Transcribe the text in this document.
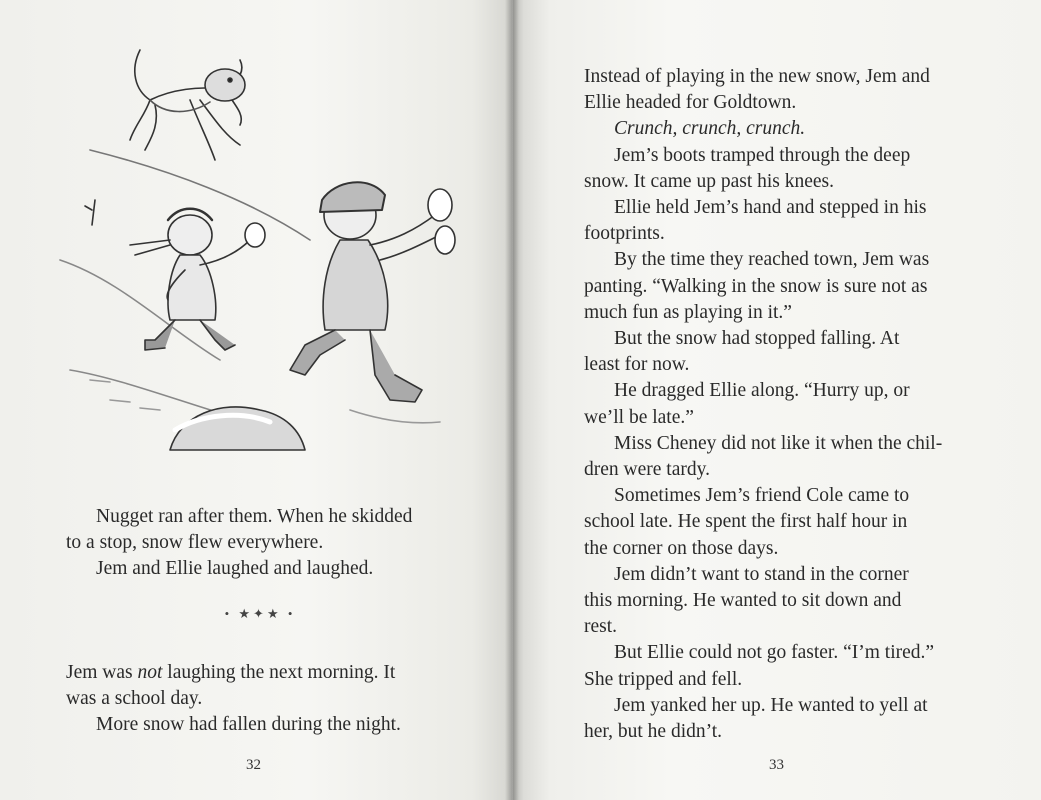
Nugget ran after them. When he skidded

to a stop, snow flew everywhere.

Jem and Ellie laughed and laughed.

• ★✦★ •

Jem was not laughing the next morning. It

was a school day.

More snow had fallen during the night.

32

Instead of playing in the new snow, Jem and

Ellie headed for Goldtown.

Crunch, crunch, crunch.

Jem’s boots tramped through the deep

snow. It came up past his knees.

Ellie held Jem’s hand and stepped in his

footprints.

By the time they reached town, Jem was

panting. “Walking in the snow is sure not as

much fun as playing in it.”

But the snow had stopped falling. At

least for now.

He dragged Ellie along. “Hurry up, or

we’ll be late.”

Miss Cheney did not like it when the chil-

dren were tardy.

Sometimes Jem’s friend Cole came to

school late. He spent the first half hour in

the corner on those days.

Jem didn’t want to stand in the corner

this morning. He wanted to sit down and

rest.

But Ellie could not go faster. “I’m tired.”

She tripped and fell.

Jem yanked her up. He wanted to yell at

her, but he didn’t.

33
